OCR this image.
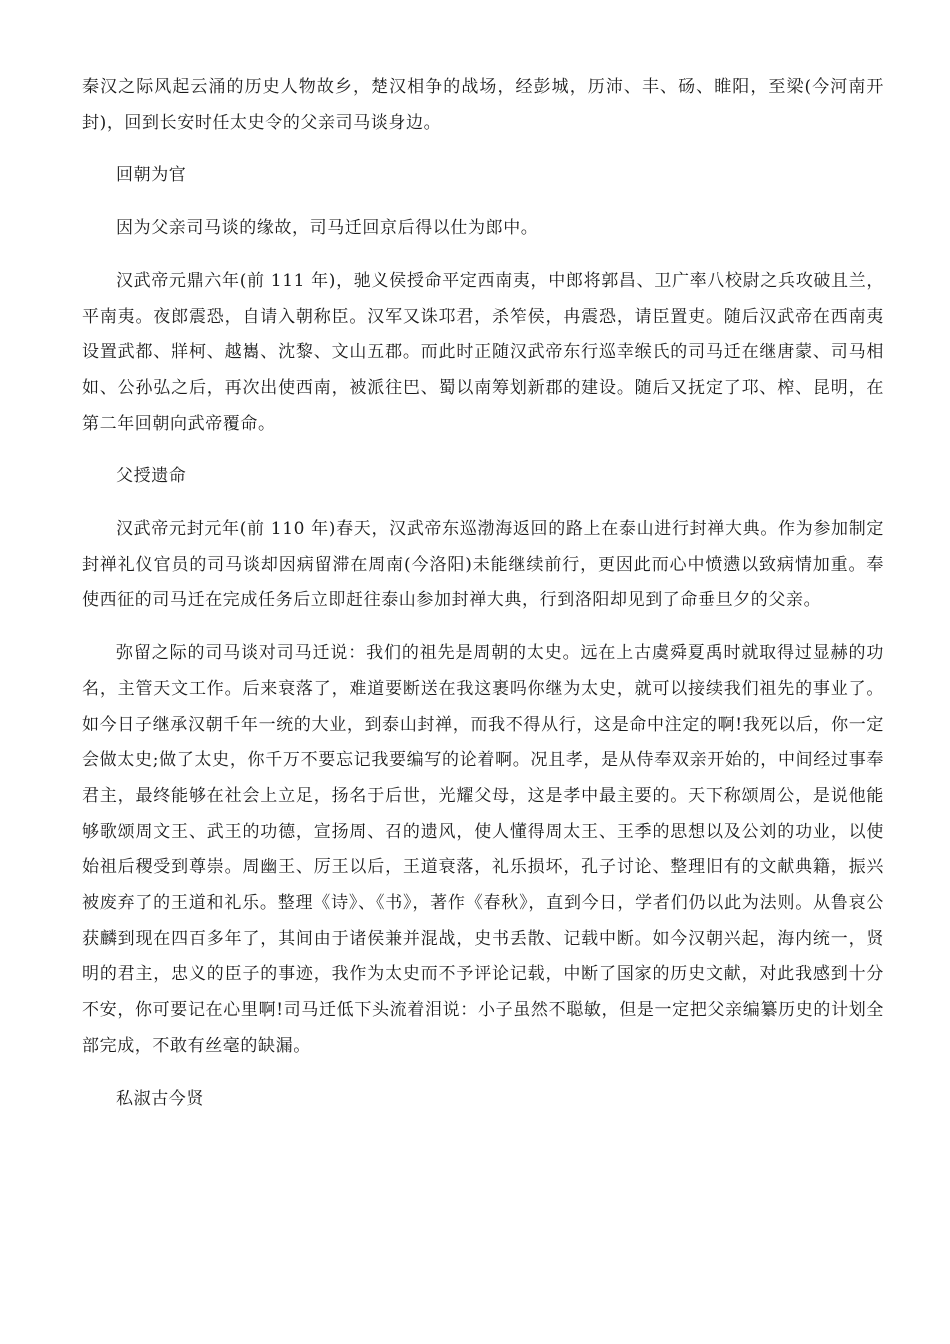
秦汉之际风起云涌的历史人物故乡，楚汉相争的战场，经彭城，历沛、丰、砀、睢阳，至梁(今河南开封)，回到长安时任太史令的父亲司马谈身边。

回朝为官

因为父亲司马谈的缘故，司马迁回京后得以仕为郎中。

汉武帝元鼎六年(前 111 年)，驰义侯授命平定西南夷，中郎将郭昌、卫广率八校尉之兵攻破且兰，平南夷。夜郎震恐，自请入朝称臣。汉军又诛邛君，杀笮侯，冉震恐，请臣置吏。随后汉武帝在西南夷设置武都、牂柯、越巂、沈黎、文山五郡。而此时正随汉武帝东行巡幸缑氏的司马迁在继唐蒙、司马相如、公孙弘之后，再次出使西南，被派往巴、蜀以南筹划新郡的建设。随后又抚定了邛、榨、昆明，在第二年回朝向武帝覆命。

父授遗命

汉武帝元封元年(前 110 年)春天，汉武帝东巡渤海返回的路上在泰山进行封禅大典。作为参加制定封禅礼仪官员的司马谈却因病留滞在周南(今洛阳)未能继续前行，更因此而心中愤懑以致病情加重。奉使西征的司马迁在完成任务后立即赶往泰山参加封禅大典，行到洛阳却见到了命垂旦夕的父亲。

弥留之际的司马谈对司马迁说：我们的祖先是周朝的太史。远在上古虞舜夏禹时就取得过显赫的功名，主管天文工作。后来衰落了，难道要断送在我这裹吗你继为太史，就可以接续我们祖先的事业了。如今日子继承汉朝千年一统的大业，到泰山封禅，而我不得从行，这是命中注定的啊!我死以后，你一定会做太史;做了太史，你千万不要忘记我要编写的论着啊。况且孝，是从侍奉双亲开始的，中间经过事奉君主，最终能够在社会上立足，扬名于后世，光耀父母，这是孝中最主要的。天下称颂周公，是说他能够歌颂周文王、武王的功德，宣扬周、召的遗风，使人懂得周太王、王季的思想以及公刘的功业，以使始祖后稷受到尊崇。周幽王、厉王以后，王道衰落，礼乐损坏，孔子讨论、整理旧有的文献典籍，振兴被废弃了的王道和礼乐。整理《诗》、《书》，著作《春秋》，直到今日，学者们仍以此为法则。从鲁哀公获麟到现在四百多年了，其间由于诸侯兼并混战，史书丢散、记载中断。如今汉朝兴起，海内统一，贤明的君主，忠义的臣子的事迹，我作为太史而不予评论记载，中断了国家的历史文献，对此我感到十分不安，你可要记在心里啊!司马迁低下头流着泪说：小子虽然不聪敏，但是一定把父亲编纂历史的计划全部完成，不敢有丝毫的缺漏。

私淑古今贤
